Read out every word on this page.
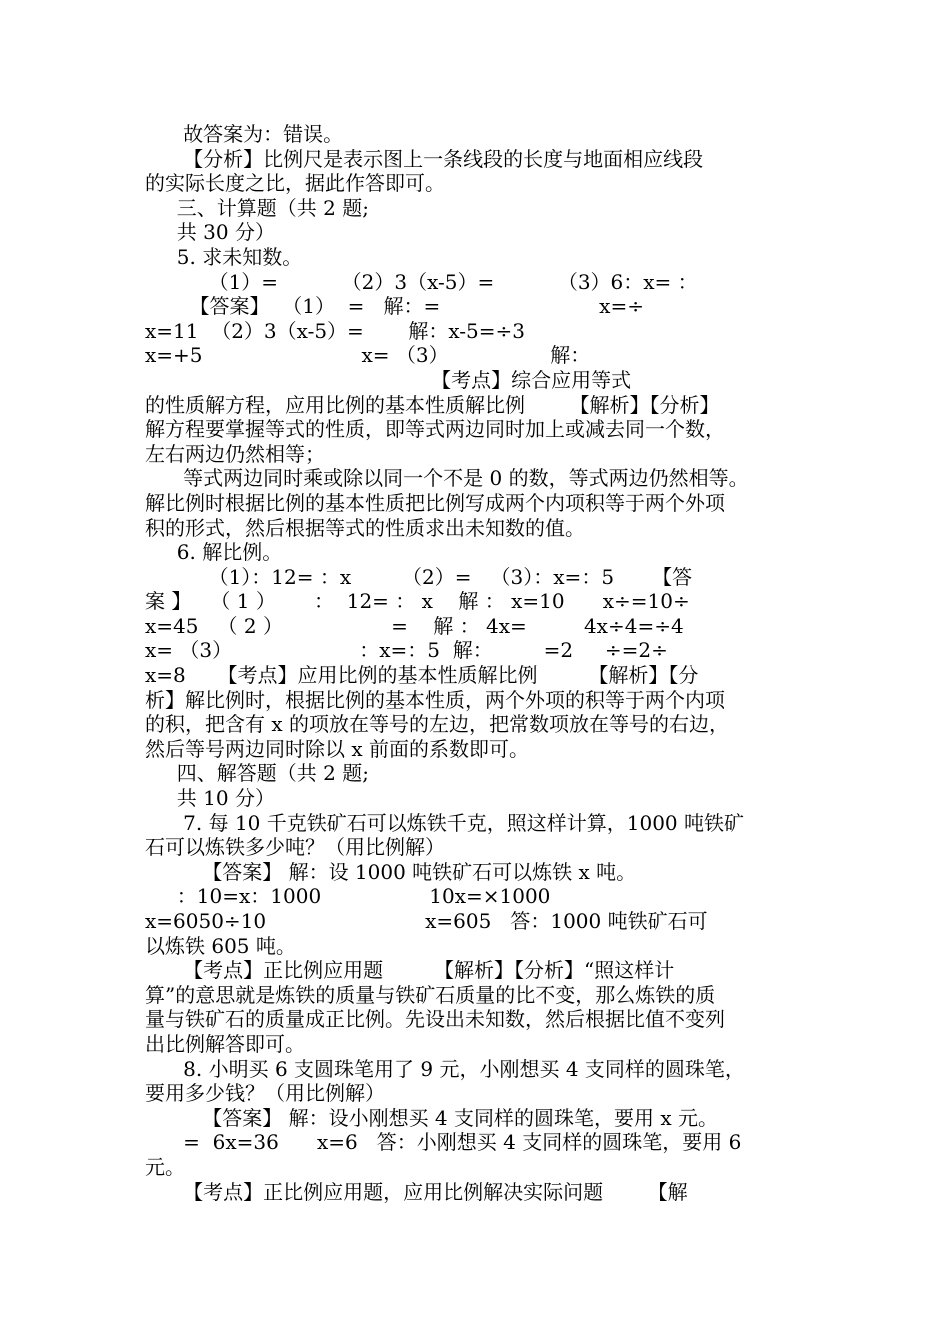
故答案为：错误。
【分析】比例尺是表示图上一条线段的长度与地面相应线段
的实际长度之比，据此作答即可。
三、计算题（共 2 题;
共 30 分）
5. 求未知数。
（1）=          （2）3（x-5）=          （3）6：x= ：
【答案】  （1）  =   解：=                         x=÷
x=11  （2）3（x-5）=       解：x-5=÷3
x=+5                         x= （3）                解：
【考点】综合应用等式
的性质解方程，应用比例的基本性质解比例       【解析】【分析】
解方程要掌握等式的性质，即等式两边同时加上或减去同一个数，
左右两边仍然相等；
等式两边同时乘或除以同一个不是 0 的数，等式两边仍然相等。
解比例时根据比例的基本性质把比例写成两个内项积等于两个外项
积的形式，然后根据等式的性质求出未知数的值。
6. 解比例。
（1）：12= ：x        （2）=   （3）：x=：5      【答
案 】   （ 1 ）      ：  12= ： x    解 ： x=10      x÷=10÷
x=45   （ 2 ）                 =    解 ： 4x=         4x÷4=÷4
x= （3）                    ：x=：5  解：        =2     ÷=2÷
x=8     【考点】应用比例的基本性质解比例        【解析】【分
析】解比例时，根据比例的基本性质，两个外项的积等于两个内项
的积，把含有 x 的项放在等号的左边，把常数项放在等号的右边，
然后等号两边同时除以 x 前面的系数即可。
四、解答题（共 2 题;
共 10 分）
7. 每 10 千克铁矿石可以炼铁千克，照这样计算，1000 吨铁矿
石可以炼铁多少吨？（用比例解）
【答案】 解：设 1000 吨铁矿石可以炼铁 x 吨。
：10=x：1000                 10x=×1000
x=6050÷10                         x=605   答：1000 吨铁矿石可
以炼铁 605 吨。
【考点】正比例应用题        【解析】【分析】“照这样计
算”的意思就是炼铁的质量与铁矿石质量的比不变，那么炼铁的质
量与铁矿石的质量成正比例。先设出未知数，然后根据比值不变列
出比例解答即可。
8. 小明买 6 支圆珠笔用了 9 元，小刚想买 4 支同样的圆珠笔，
要用多少钱？（用比例解）
【答案】 解：设小刚想买 4 支同样的圆珠笔，要用 x 元。
=  6x=36      x=6   答：小刚想买 4 支同样的圆珠笔，要用 6
元。
【考点】正比例应用题，应用比例解决实际问题       【解
